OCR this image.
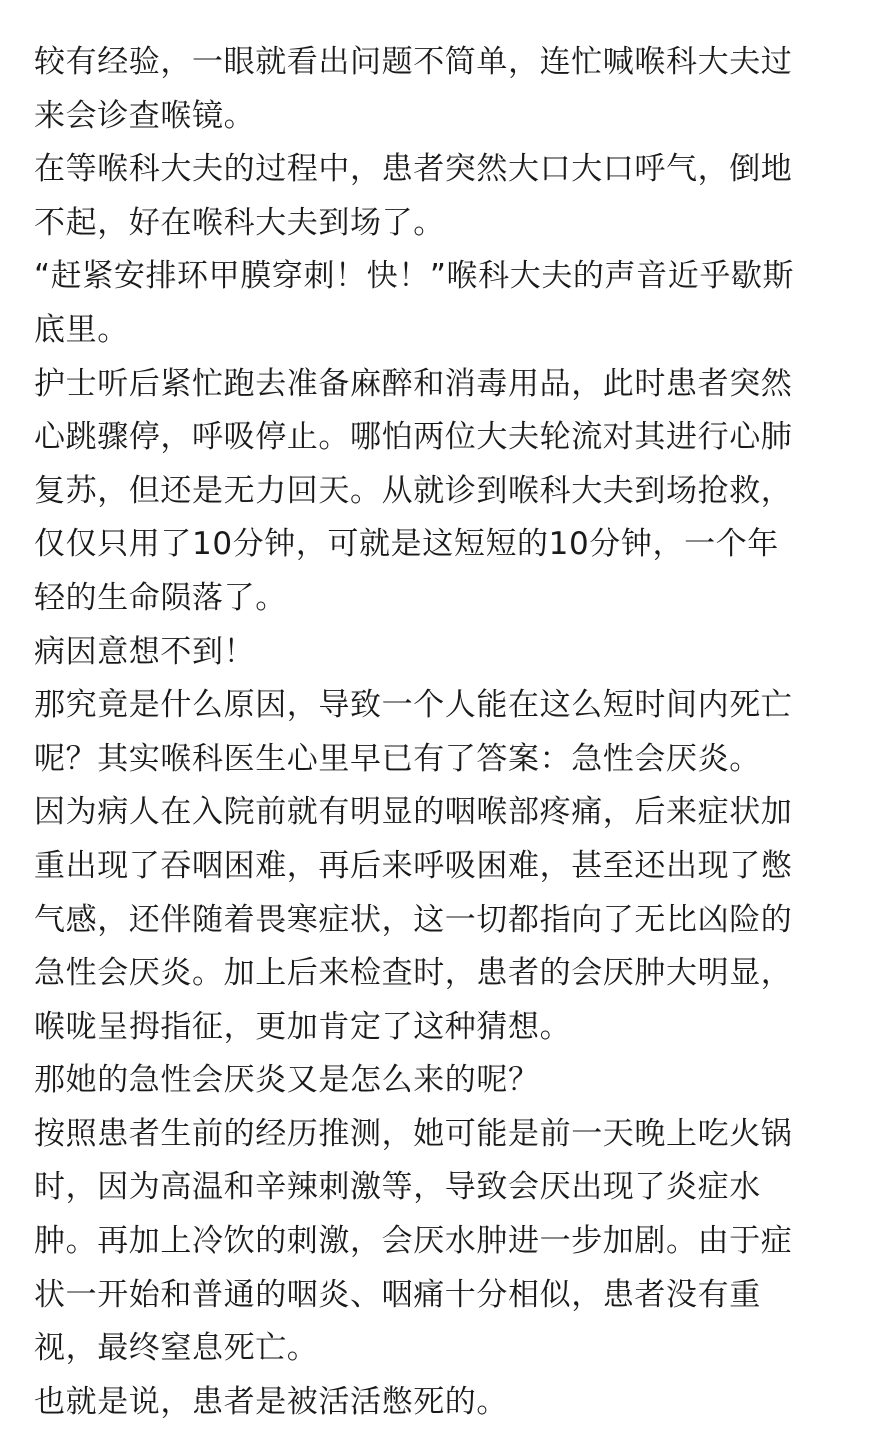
较有经验，一眼就看出问题不简单，连忙喊喉科大夫过
来会诊查喉镜。

在等喉科大夫的过程中，患者突然大口大口呼气，倒地
不起，好在喉科大夫到场了。

“赶紧安排环甲膜穿刺！快！”喉科大夫的声音近乎歇斯
底里。

护士听后紧忙跑去准备麻醉和消毒用品，此时患者突然
心跳骤停，呼吸停止。哪怕两位大夫轮流对其进行心肺
复苏，但还是无力回天。从就诊到喉科大夫到场抢救，
仅仅只用了10分钟，可就是这短短的10分钟，一个年
轻的生命陨落了。

病因意想不到！

那究竟是什么原因，导致一个人能在这么短时间内死亡
呢？其实喉科医生心里早已有了答案：急性会厌炎。

因为病人在入院前就有明显的咽喉部疼痛，后来症状加
重出现了吞咽困难，再后来呼吸困难，甚至还出现了憋
气感，还伴随着畏寒症状，这一切都指向了无比凶险的
急性会厌炎。加上后来检查时，患者的会厌肿大明显，
喉咙呈拇指征，更加肯定了这种猜想。

那她的急性会厌炎又是怎么来的呢？

按照患者生前的经历推测，她可能是前一天晚上吃火锅
时，因为高温和辛辣刺激等，导致会厌出现了炎症水
肿。再加上冷饮的刺激，会厌水肿进一步加剧。由于症
状一开始和普通的咽炎、咽痛十分相似，患者没有重
视，最终窒息死亡。

也就是说，患者是被活活憋死的。
